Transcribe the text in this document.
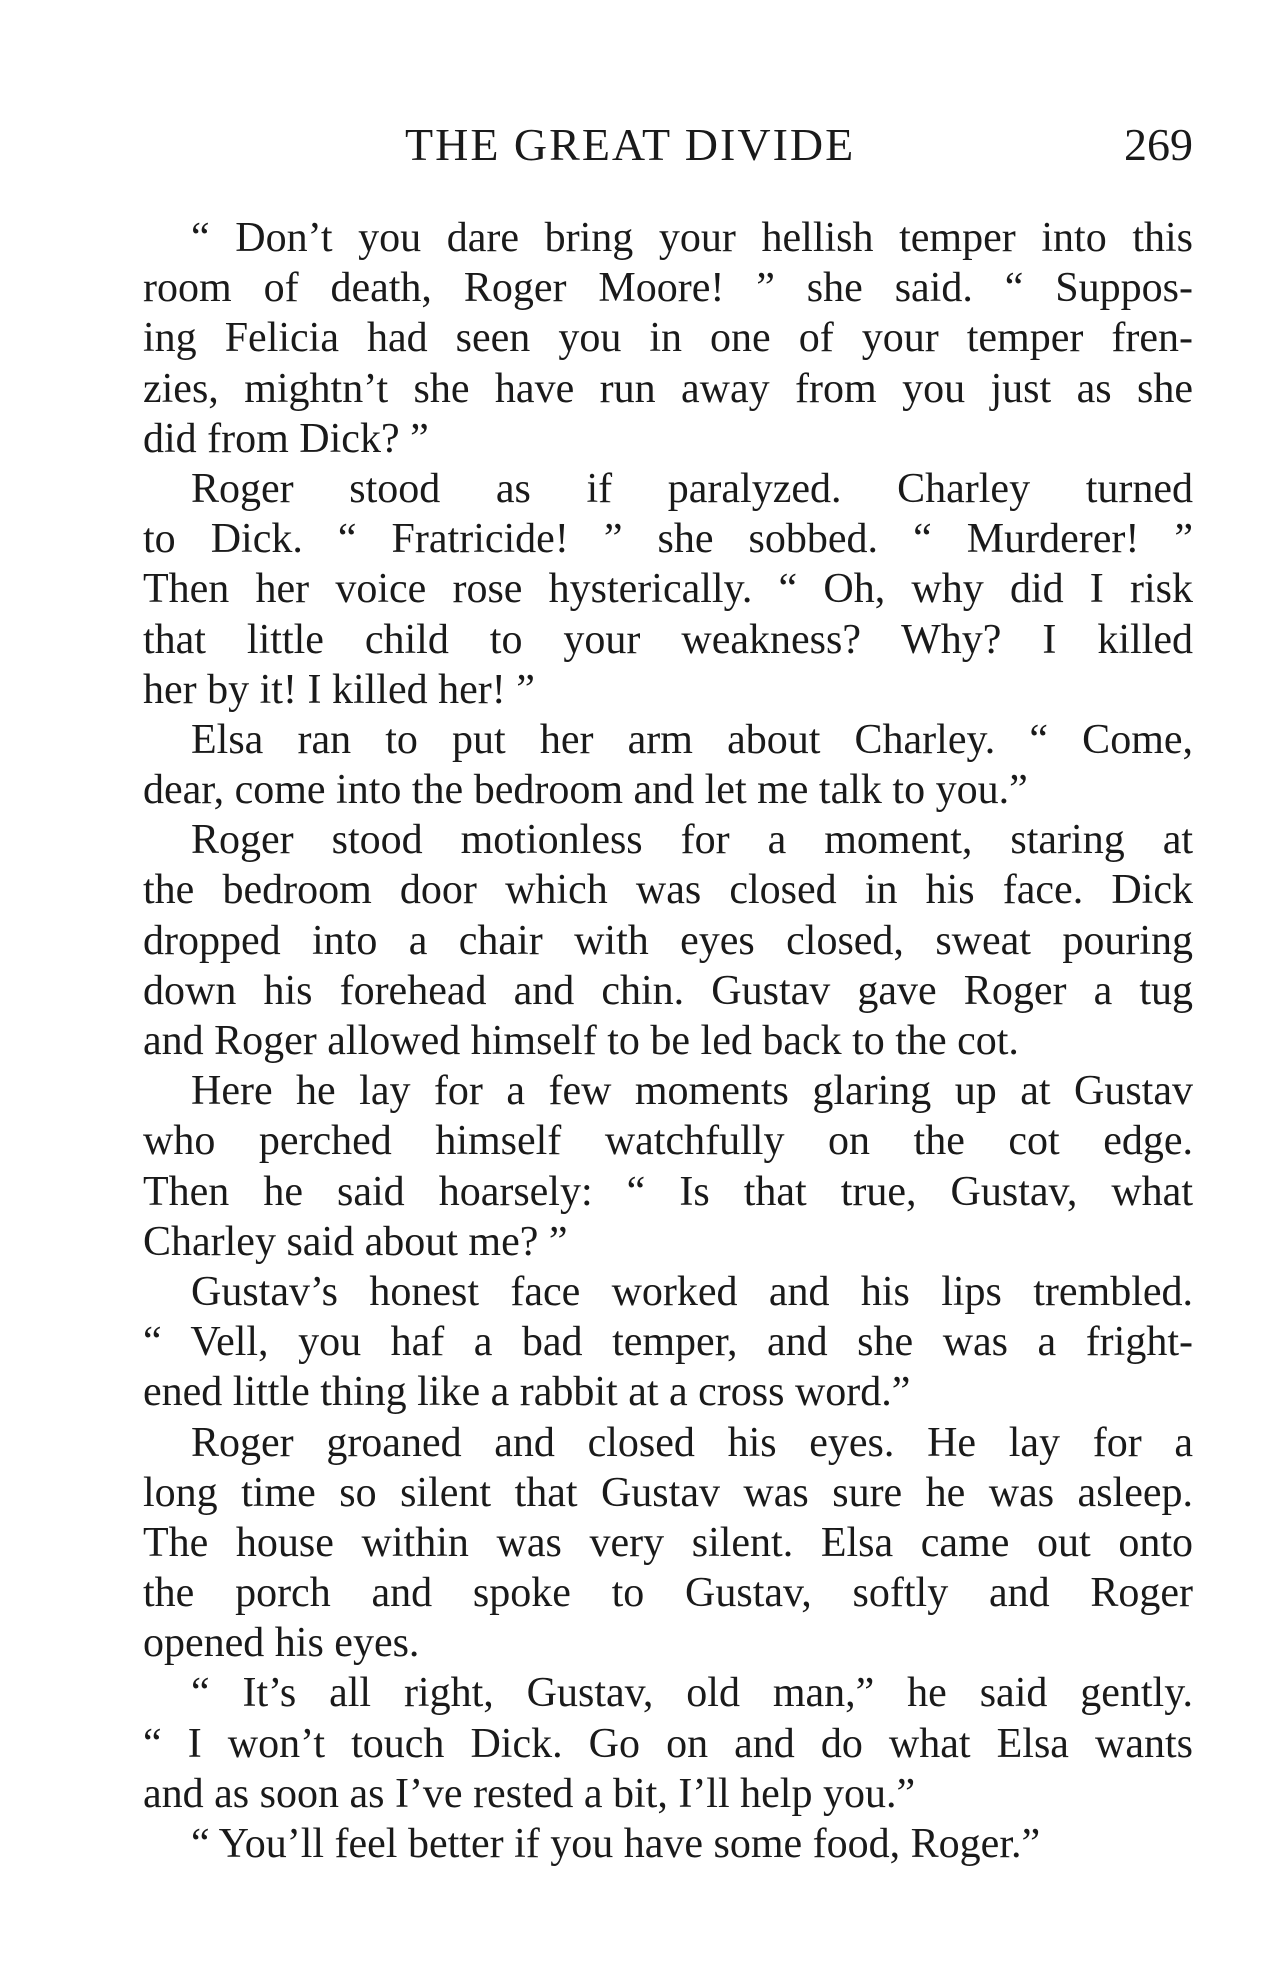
THE GREAT DIVIDE	269
“ Don’t you dare bring your hellish temper into this
room of death, Roger Moore! ” she said. “ Suppos-
ing Felicia had seen you in one of your temper fren-
zies, mightn’t she have run away from you just as she
did from Dick? ”
Roger stood as if paralyzed. Charley turned
to Dick. “ Fratricide! ” she sobbed. “ Murderer! ”
Then her voice rose hysterically. “ Oh, why did I risk
that little child to your weakness? Why? I killed
her by it! I killed her! ”
Elsa ran to put her arm about Charley. “ Come,
dear, come into the bedroom and let me talk to you.”
Roger stood motionless for a moment, staring at
the bedroom door which was closed in his face. Dick
dropped into a chair with eyes closed, sweat pouring
down his forehead and chin. Gustav gave Roger a tug
and Roger allowed himself to be led back to the cot.
Here he lay for a few moments glaring up at Gustav
who perched himself watchfully on the cot edge.
Then he said hoarsely: “ Is that true, Gustav, what
Charley said about me? ”
Gustav’s honest face worked and his lips trembled.
“ Vell, you haf a bad temper, and she was a fright-
ened little thing like a rabbit at a cross word.”
Roger groaned and closed his eyes. He lay for a
long time so silent that Gustav was sure he was asleep.
The house within was very silent. Elsa came out onto
the porch and spoke to Gustav, softly and Roger
opened his eyes.
“ It’s all right, Gustav, old man,” he said gently.
“ I won’t touch Dick. Go on and do what Elsa wants
and as soon as I’ve rested a bit, I’ll help you.”
“ You’ll feel better if you have some food, Roger.”
